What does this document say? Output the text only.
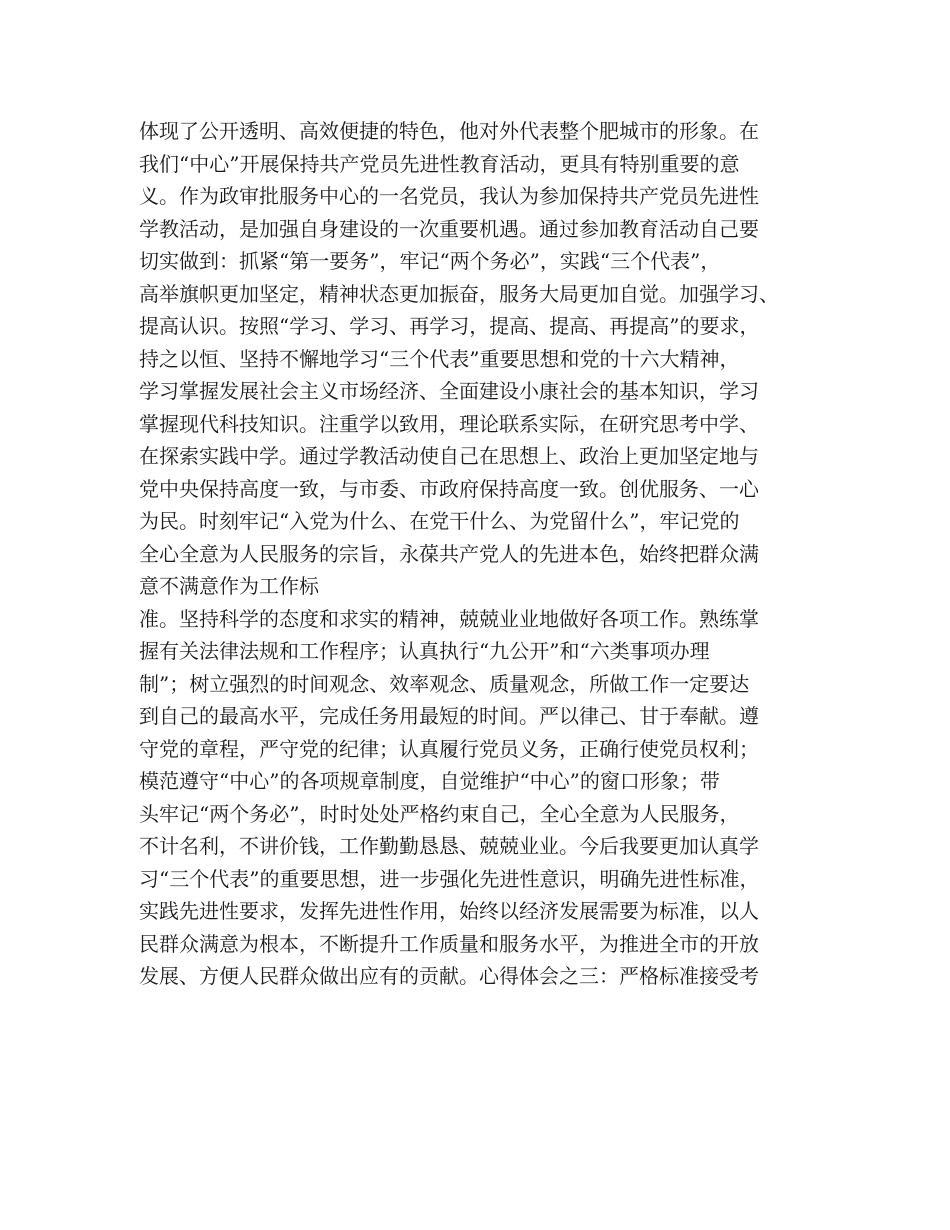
体现了公开透明、高效便捷的特色，他对外代表整个肥城市的形象。在
我们“中心”开展保持共产党员先进性教育活动，更具有特别重要的意
义。作为政审批服务中心的一名党员，我认为参加保持共产党员先进性
学教活动，是加强自身建设的一次重要机遇。通过参加教育活动自己要
切实做到：抓紧“第一要务”，牢记“两个务必”，实践“三个代表”，
高举旗帜更加坚定，精神状态更加振奋，服务大局更加自觉。加强学习、
提高认识。按照“学习、学习、再学习，提高、提高、再提高”的要求，
持之以恒、坚持不懈地学习“三个代表”重要思想和党的十六大精神，
学习掌握发展社会主义市场经济、全面建设小康社会的基本知识，学习
掌握现代科技知识。注重学以致用，理论联系实际，在研究思考中学、
在探索实践中学。通过学教活动使自己在思想上、政治上更加坚定地与
党中央保持高度一致，与市委、市政府保持高度一致。创优服务、一心
为民。时刻牢记“入党为什么、在党干什么、为党留什么”，牢记党的
全心全意为人民服务的宗旨，永葆共产党人的先进本色，始终把群众满
意不满意作为工作标
准。坚持科学的态度和求实的精神，兢兢业业地做好各项工作。熟练掌
握有关法律法规和工作程序；认真执行“九公开”和“六类事项办理
制”；树立强烈的时间观念、效率观念、质量观念，所做工作一定要达
到自己的最高水平，完成任务用最短的时间。严以律己、甘于奉献。遵
守党的章程，严守党的纪律；认真履行党员义务，正确行使党员权利；
模范遵守“中心”的各项规章制度，自觉维护“中心”的窗口形象；带
头牢记“两个务必”，时时处处严格约束自己，全心全意为人民服务，
不计名利，不讲价钱，工作勤勤恳恳、兢兢业业。今后我要更加认真学
习“三个代表”的重要思想，进一步强化先进性意识，明确先进性标准，
实践先进性要求，发挥先进性作用，始终以经济发展需要为标准，以人
民群众满意为根本，不断提升工作质量和服务水平，为推进全市的开放
发展、方便人民群众做出应有的贡献。心得体会之三：严格标准接受考
